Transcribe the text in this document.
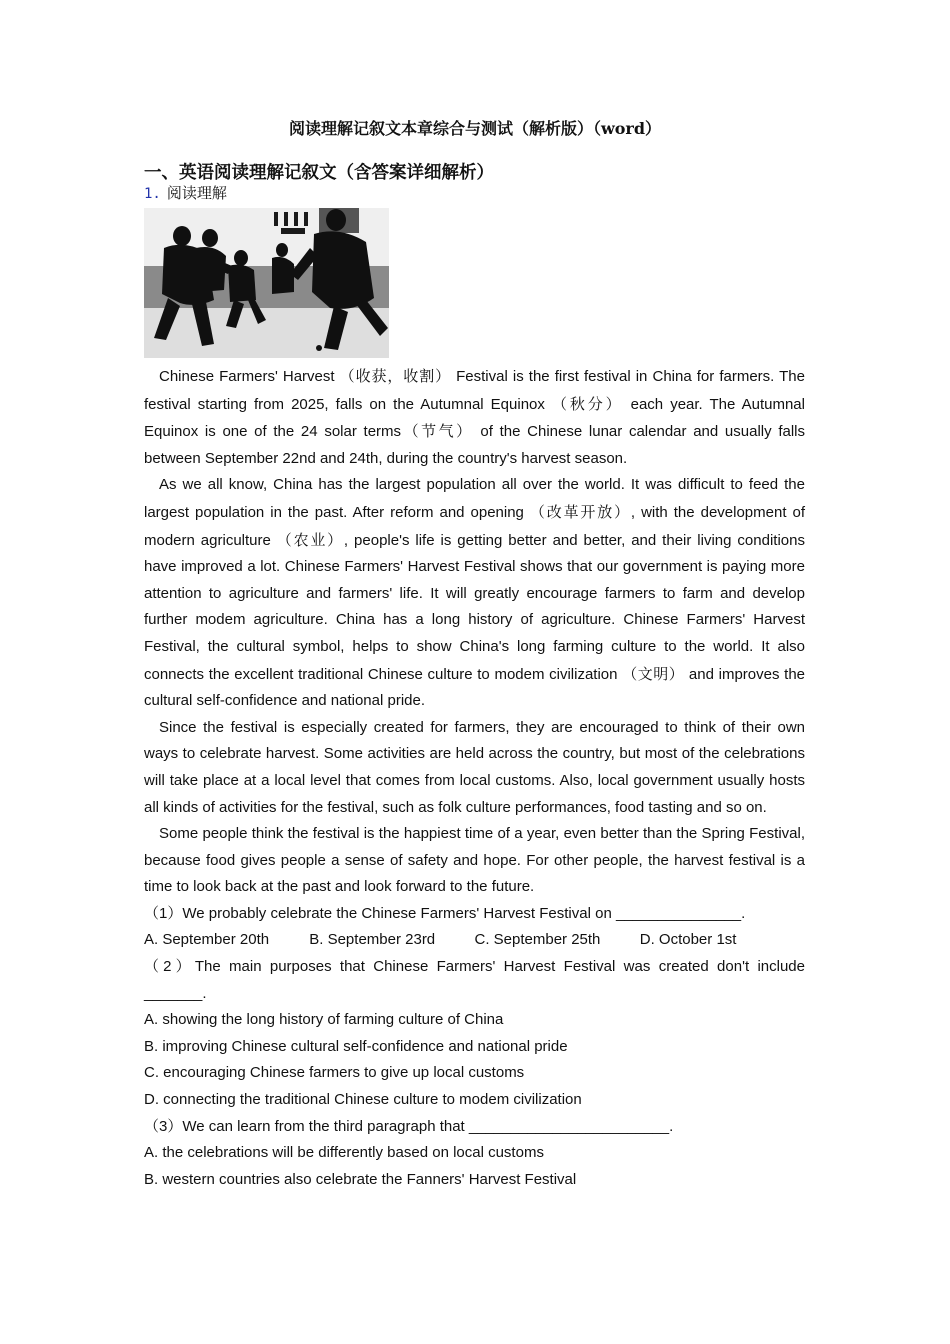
阅读理解记叙文本章综合与测试（解析版）（word）
一、英语阅读理解记叙文（含答案详细解析）
1. 阅读理解

Chinese Farmers' Harvest （收获，收割） Festival is the first festival in China for farmers. The festival starting from 2025, falls on the Autumnal Equinox （秋分） each year. The Autumnal Equinox is one of the 24 solar terms（节气） of the Chinese lunar calendar and usually falls between September 22nd and 24th, during the country's harvest season.

As we all know, China has the largest population all over the world. It was difficult to feed the largest population in the past. After reform and opening （改革开放）, with the development of modern agriculture （农业）, people's life is getting better and better, and their living conditions have improved a lot. Chinese Farmers' Harvest Festival shows that our government is paying more attention to agriculture and farmers' life. It will greatly encourage farmers to farm and develop further modem agriculture. China has a long history of agriculture. Chinese Farmers' Harvest Festival, the cultural symbol, helps to show China's long farming culture to the world. It also connects the excellent traditional Chinese culture to modem civilization （文明） and improves the cultural self-confidence and national pride.

Since the festival is especially created for farmers, they are encouraged to think of their own ways to celebrate harvest. Some activities are held across the country, but most of the celebrations will take place at a local level that comes from local customs. Also, local government usually hosts all kinds of activities for the festival, such as folk culture performances, food tasting and so on.

Some people think the festival is the happiest time of a year, even better than the Spring Festival, because food gives people a sense of safety and hope. For other people, the harvest festival is a time to look back at the past and look forward to the future.

（1）We probably celebrate the Chinese Farmers' Harvest Festival on _______________.
A. September 20th	B. September 23rd	C. September 25th	D. October 1st
（2）The main purposes that Chinese Farmers' Harvest Festival was created don't include _______.
A. showing the long history of farming culture of China
B. improving Chinese cultural self-confidence and national pride
C. encouraging Chinese farmers to give up local customs
D. connecting the traditional Chinese culture to modem civilization
（3）We can learn from the third paragraph that ________________________.
A. the celebrations will be differently based on local customs
B. western countries also celebrate the Fanners' Harvest Festival
